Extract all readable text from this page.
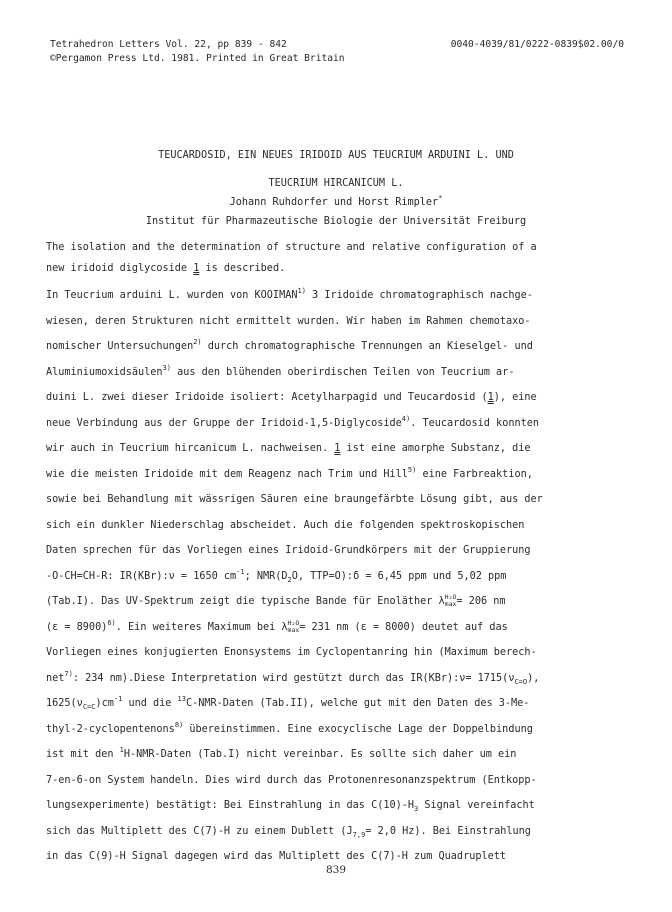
Tetrahedron Letters Vol. 22, pp 839 - 842
©Pergamon Press Ltd. 1981. Printed in Great Britain
0040-4039/81/0222-0839$02.00/0
TEUCARDOSID, EIN NEUES IRIDOID AUS TEUCRIUM ARDUINI L. UND
TEUCRIUM HIRCANICUM L.
Johann Ruhdorfer und Horst Rimpler*
Institut für Pharmazeutische Biologie der Universität Freiburg
The isolation and the determination of structure and relative configuration of a
new iridoid diglycoside 1 is described.
In Teucrium arduini L. wurden von KOOIMAN$^{1)}$ 3 Iridoide chromatographisch nachge-
wiesen, deren Strukturen nicht ermittelt wurden. Wir haben im Rahmen chemotaxo-
nomischer Untersuchungen$^{2)}$ durch chromatographische Trennungen an Kieselgel- und
Aluminiumoxidsäulen$^{3)}$ aus den blühenden oberirdischen Teilen von Teucrium ar-
duini L. zwei dieser Iridoide isoliert: Acetylharpagid und Teucardosid (1), eine
neue Verbindung aus der Gruppe der Iridoid-1,5-Diglycoside$^{4)}$. Teucardosid konnten
wir auch in Teucrium hircanicum L. nachweisen. 1 ist eine amorphe Substanz, die
wie die meisten Iridoide mit dem Reagenz nach Trim und Hill$^{5)}$ eine Farbreaktion,
sowie bei Behandlung mit wässrigen Säuren eine braungefärbte Lösung gibt, aus der
sich ein dunkler Niederschlag abscheidet. Auch die folgenden spektroskopischen
Daten sprechen für das Vorliegen eines Iridoid-Grundkörpers mit der Gruppierung
-O-CH=CH-R: IR(KBr):ν = 1650 $cm^{-1}$; $NMR(D_2O$, TTP=O):δ = 6,45 ppm und 5,02 ppm
(Tab.I). Das UV-Spektrum zeigt die typische Bande für Enoläther λ H₂O
max = 206 nm
(ε = 8900)$^{6)}$. Ein weiteres Maximum bei λ H₂O
max = 231 nm (ε = 8000) deutet auf das
Vorliegen eines konjugierten Enonsystems im Cyclopentanring hin (Maximum berech-
net$^{7)}$: 234 nm).Diese Interpretation wird gestützt durch das IR(KBr):ν= $1715(\nu_{C=O})$,
$1625(\nu_{C=C})cm^{-1}$ und die $^{13}$C-NMR-Daten (Tab.II), welche gut mit den Daten des 3-Me-
thyl-2-cyclopentenons$^{8)}$ übereinstimmen. Eine exocyclische Lage der Doppelbindung
ist mit den $^1$H-NMR-Daten (Tab.I) nicht vereinbar. Es sollte sich daher um ein
7-en-6-on System handeln. Dies wird durch das Protonenresonanzspektrum (Entkopp-
lungsexperimente) bestätigt: Bei Einstrahlung in das $C(10)-H_3$ Signal vereinfacht
sich das Multiplett des C(7)-H zu einem Dublett ($J_{7,9}= 2,0$ Hz). Bei Einstrahlung
in das C(9)-H Signal dagegen wird das Multiplett des C(7)-H zum Quadruplett
839
